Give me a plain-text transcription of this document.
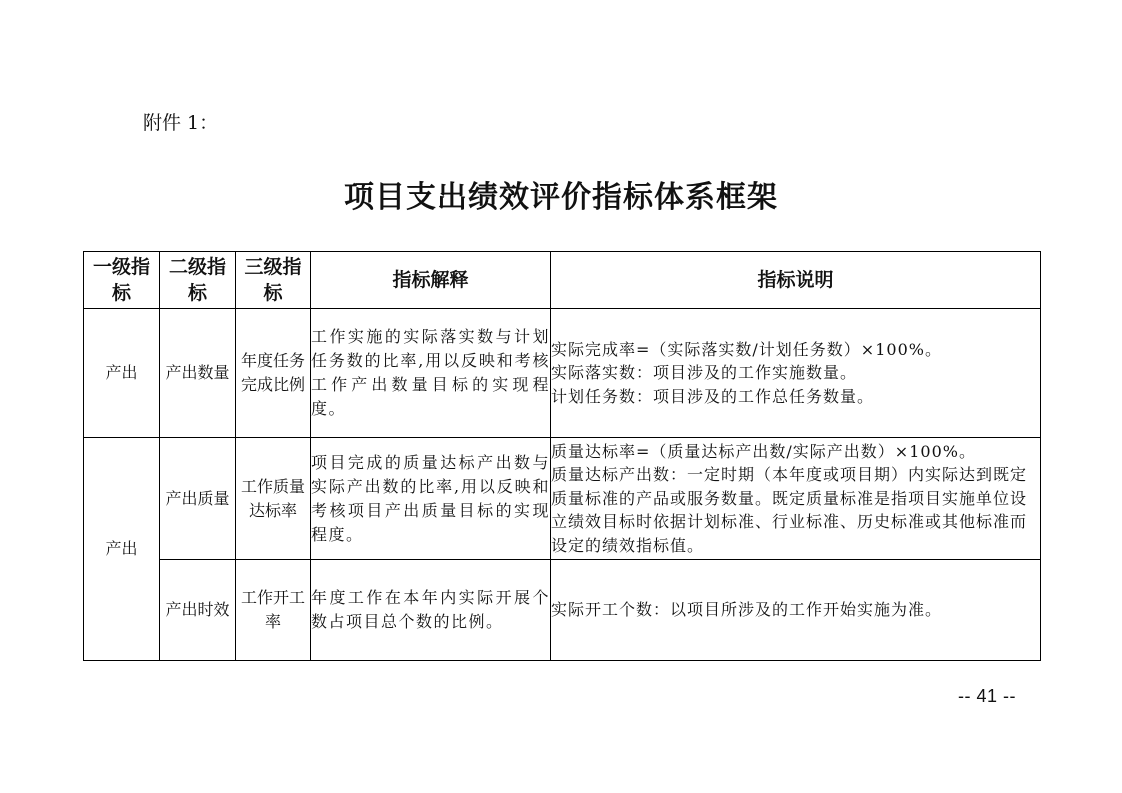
附件 1：
项目支出绩效评价指标体系框架
一级指标	二级指标	三级指标	指标解释	指标说明
产出	产出数量	年度任务完成比例	工作实施的实际落实数与计划任务数的比率,用以反映和考核工作产出数量目标的实现程度。	实际完成率=（实际落实数/计划任务数）×100%。
实际落实数：项目涉及的工作实施数量。
计划任务数：项目涉及的工作总任务数量。

产出	产出质量	工作质量达标率	项目完成的质量达标产出数与实际产出数的比率,用以反映和考核项目产出质量目标的实现程度。	质量达标率=（质量达标产出数/实际产出数）×100%。
质量达标产出数：一定时期（本年度或项目期）内实际达到既定质量标准的产品或服务数量。既定质量标准是指项目实施单位设立绩效目标时依据计划标准、行业标准、历史标准或其他标准而设定的绩效指标值。

	产出时效	工作开工率	年度工作在本年内实际开展个数占项目总个数的比例。	实际开工个数：以项目所涉及的工作开始实施为准。
-- 41 --
